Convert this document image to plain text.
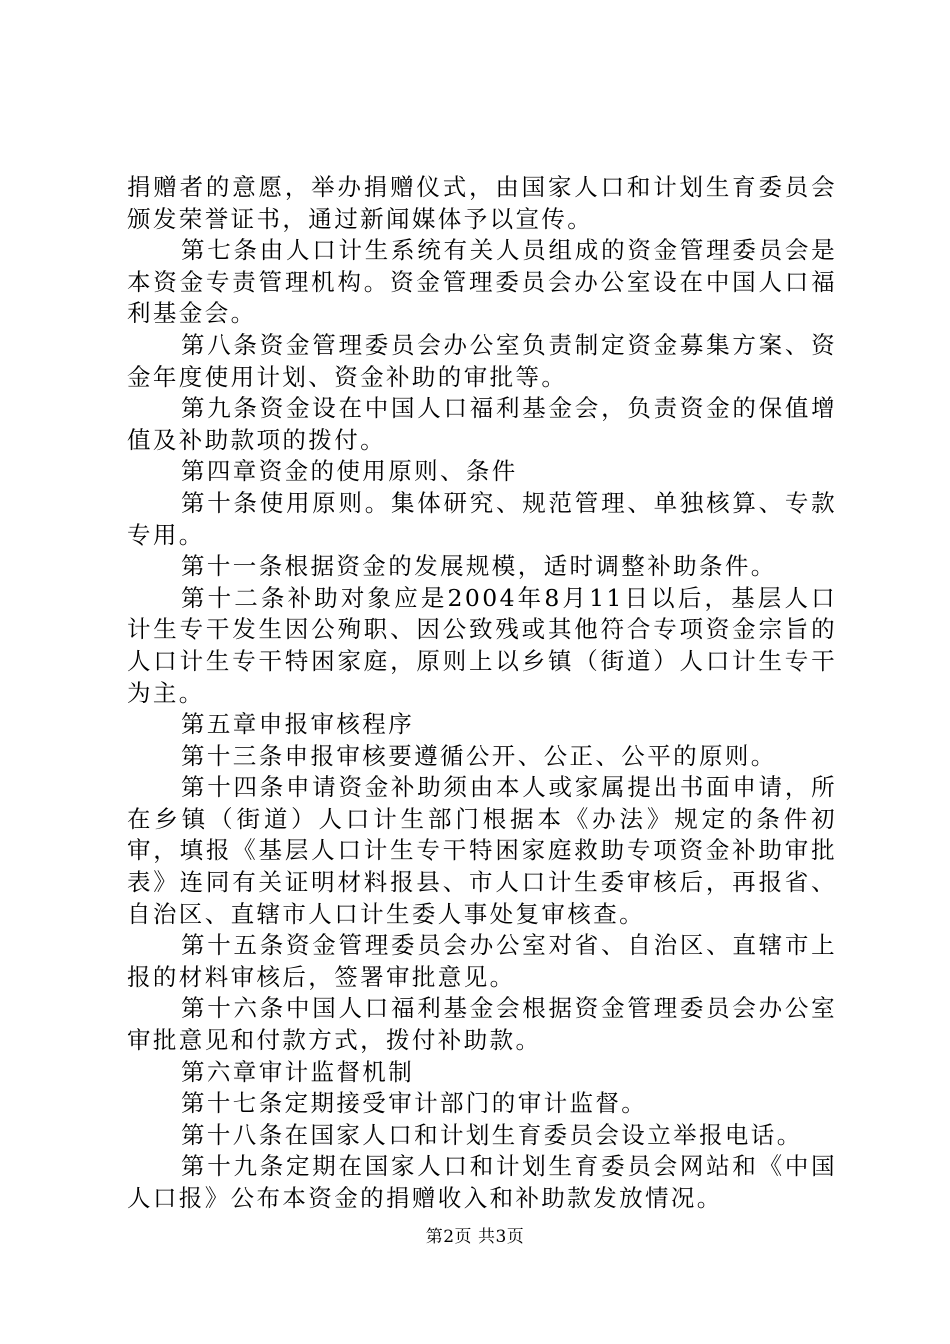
捐赠者的意愿，举办捐赠仪式，由国家人口和计划生育委员会颁发荣誉证书，通过新闻媒体予以宣传。

第七条由人口计生系统有关人员组成的资金管理委员会是本资金专责管理机构。资金管理委员会办公室设在中国人口福利基金会。

第八条资金管理委员会办公室负责制定资金募集方案、资金年度使用计划、资金补助的审批等。

第九条资金设在中国人口福利基金会，负责资金的保值增值及补助款项的拨付。

第四章资金的使用原则、条件

第十条使用原则。集体研究、规范管理、单独核算、专款专用。

第十一条根据资金的发展规模，适时调整补助条件。

第十二条补助对象应是2004年8月11日以后，基层人口计生专干发生因公殉职、因公致残或其他符合专项资金宗旨的人口计生专干特困家庭，原则上以乡镇（街道）人口计生专干为主。

第五章申报审核程序

第十三条申报审核要遵循公开、公正、公平的原则。

第十四条申请资金补助须由本人或家属提出书面申请，所在乡镇（街道）人口计生部门根据本《办法》规定的条件初审，填报《基层人口计生专干特困家庭救助专项资金补助审批表》连同有关证明材料报县、市人口计生委审核后，再报省、自治区、直辖市人口计生委人事处复审核查。

第十五条资金管理委员会办公室对省、自治区、直辖市上报的材料审核后，签署审批意见。

第十六条中国人口福利基金会根据资金管理委员会办公室审批意见和付款方式，拨付补助款。

第六章审计监督机制

第十七条定期接受审计部门的审计监督。

第十八条在国家人口和计划生育委员会设立举报电话。

第十九条定期在国家人口和计划生育委员会网站和《中国人口报》公布本资金的捐赠收入和补助款发放情况。

第2页 共3页
